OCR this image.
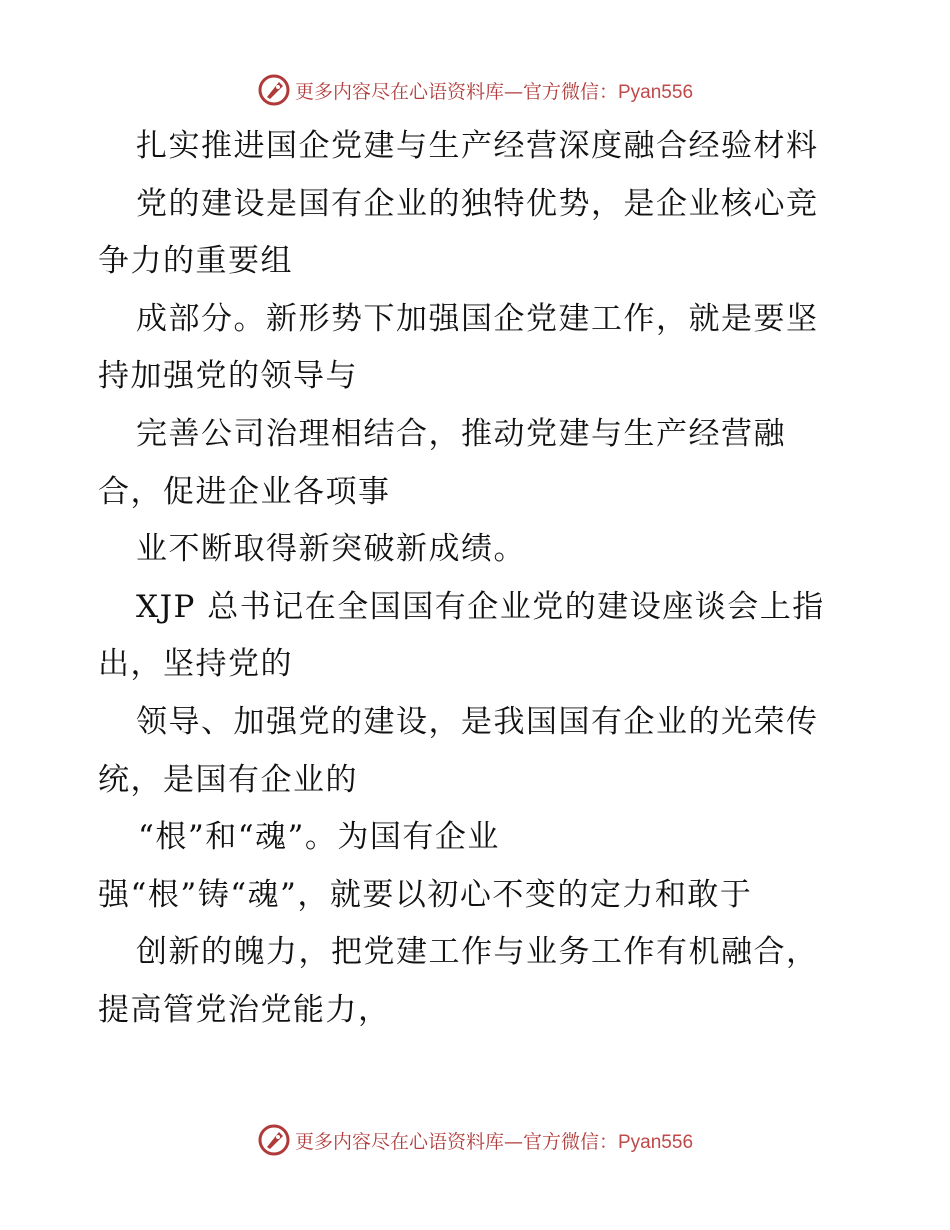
更多内容尽在心语资料库—官方微信：Pyan556
扎实推进国企党建与生产经营深度融合经验材料
党的建设是国有企业的独特优势，是企业核心竞
争力的重要组
成部分。新形势下加强国企党建工作，就是要坚
持加强党的领导与
完善公司治理相结合，推动党建与生产经营融
合，促进企业各项事
业不断取得新突破新成绩。
XJP 总书记在全国国有企业党的建设座谈会上指
出，坚持党的
领导、加强党的建设，是我国国有企业的光荣传
统，是国有企业的
“根”和“魂”。为国有企业
强“根”铸“魂”，就要以初心不变的定力和敢于
创新的魄力，把党建工作与业务工作有机融合，
提高管党治党能力，
更多内容尽在心语资料库—官方微信：Pyan556
